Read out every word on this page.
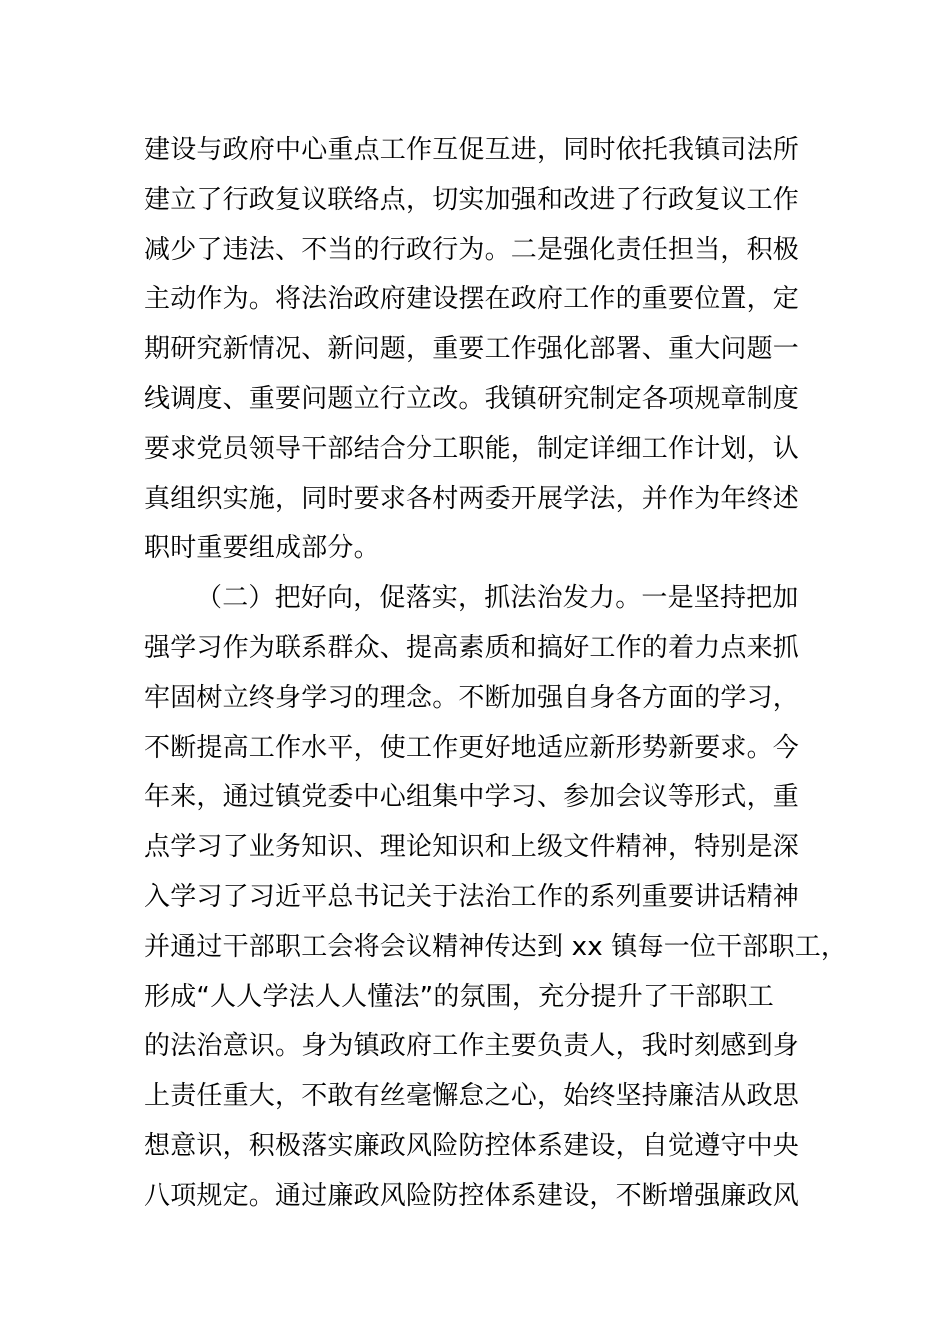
建设与政府中心重点工作互促互进，同时依托我镇司法所
建立了行政复议联络点，切实加强和改进了行政复议工作
减少了违法、不当的行政行为。二是强化责任担当，积极
主动作为。将法治政府建设摆在政府工作的重要位置，定
期研究新情况、新问题，重要工作强化部署、重大问题一
线调度、重要问题立行立改。我镇研究制定各项规章制度
要求党员领导干部结合分工职能，制定详细工作计划，认
真组织实施，同时要求各村两委开展学法，并作为年终述
职时重要组成部分。
（二）把好向，促落实，抓法治发力。一是坚持把加
强学习作为联系群众、提高素质和搞好工作的着力点来抓
牢固树立终身学习的理念。不断加强自身各方面的学习，
不断提高工作水平，使工作更好地适应新形势新要求。今
年来，通过镇党委中心组集中学习、参加会议等形式，重
点学习了业务知识、理论知识和上级文件精神，特别是深
入学习了习近平总书记关于法治工作的系列重要讲话精神
并通过干部职工会将会议精神传达到 xx 镇每一位干部职工，
形成“人人学法人人懂法”的氛围，充分提升了干部职工
的法治意识。身为镇政府工作主要负责人，我时刻感到身
上责任重大，不敢有丝毫懈怠之心，始终坚持廉洁从政思
想意识，积极落实廉政风险防控体系建设，自觉遵守中央
八项规定。通过廉政风险防控体系建设，不断增强廉政风
